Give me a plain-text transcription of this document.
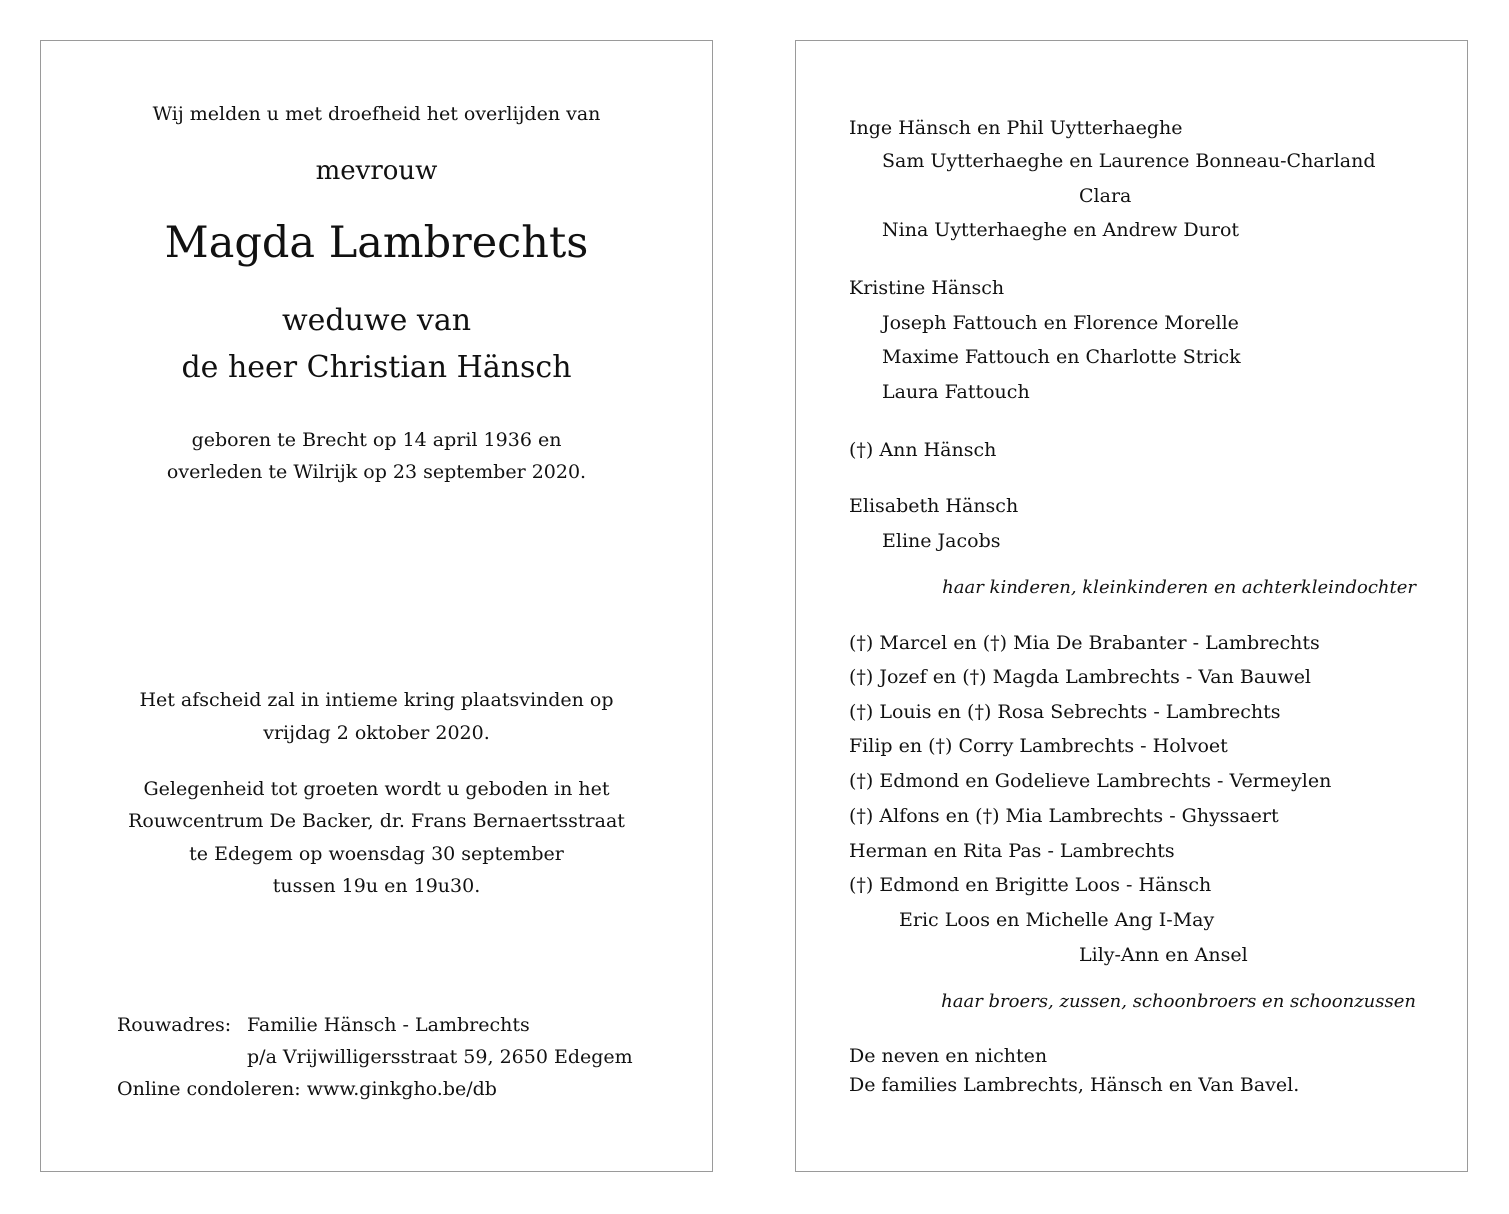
Wij melden u met droefheid het overlijden van
mevrouw
Magda Lambrechts
weduwe van
de heer Christian Hänsch
geboren te Brecht op 14 april 1936 en
overleden te Wilrijk op 23 september 2020.
Het afscheid zal in intieme kring plaatsvinden op
vrijdag 2 oktober 2020.
Gelegenheid tot groeten wordt u geboden in het
Rouwcentrum De Backer, dr. Frans Bernaertsstraat
te Edegem op woensdag 30 september
tussen 19u en 19u30.
Rouwadres: Familie Hänsch - Lambrechts
p/a Vrijwilligersstraat 59, 2650 Edegem
Online condoleren: www.ginkgho.be/db
Inge Hänsch en Phil Uytterhaeghe
Sam Uytterhaeghe en Laurence Bonneau-Charland
Clara
Nina Uytterhaeghe en Andrew Durot
Kristine Hänsch
Joseph Fattouch en Florence Morelle
Maxime Fattouch en Charlotte Strick
Laura Fattouch
(†) Ann Hänsch
Elisabeth Hänsch
Eline Jacobs
haar kinderen, kleinkinderen en achterkleindochter
(†) Marcel en (†) Mia De Brabanter - Lambrechts
(†) Jozef en (†) Magda Lambrechts - Van Bauwel
(†) Louis en (†) Rosa Sebrechts - Lambrechts
Filip en (†) Corry Lambrechts - Holvoet
(†) Edmond en Godelieve Lambrechts - Vermeylen
(†) Alfons en (†) Mia Lambrechts - Ghyssaert
Herman en Rita Pas - Lambrechts
(†) Edmond en Brigitte Loos - Hänsch
Eric Loos en Michelle Ang I-May
Lily-Ann en Ansel
haar broers, zussen, schoonbroers en schoonzussen
De neven en nichten
De families Lambrechts, Hänsch en Van Bavel.
